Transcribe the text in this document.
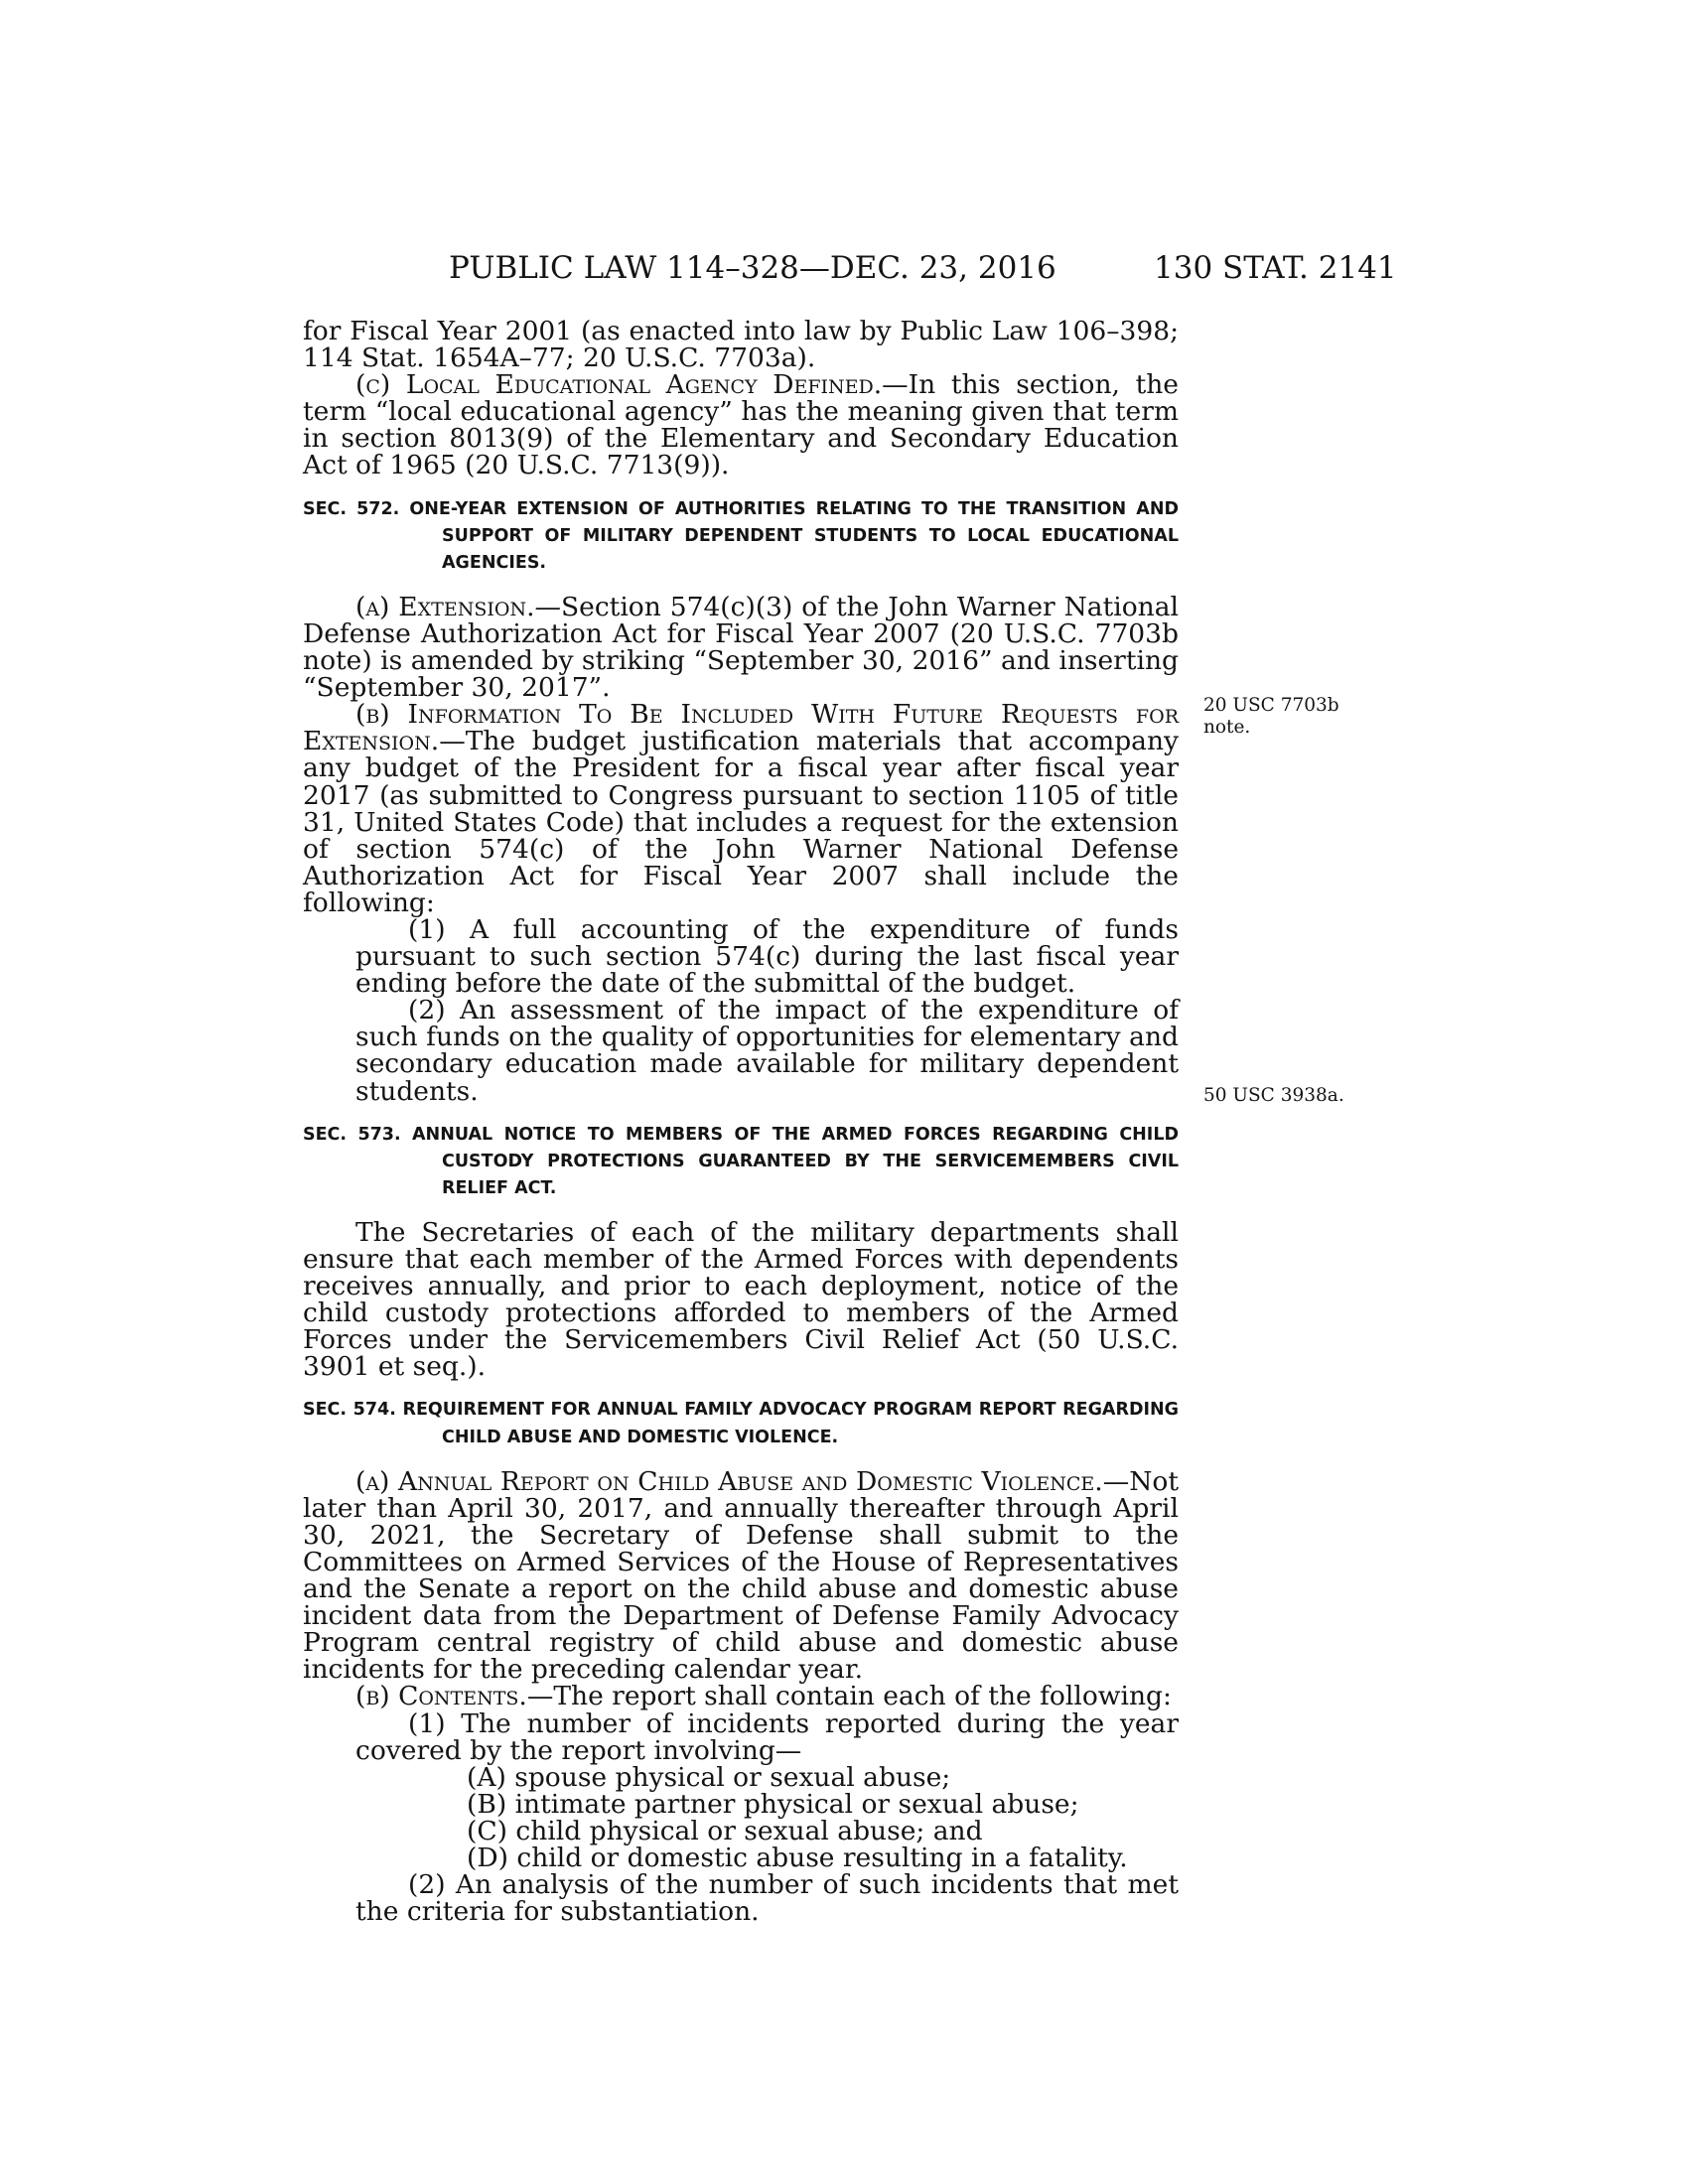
PUBLIC LAW 114–328—DEC. 23, 2016	130 STAT. 2141
20 USC 7703b
note.
50 USC 3938a.

for Fiscal Year 2001 (as enacted into law by Public Law 106–398; 114 Stat. 1654A–77; 20 U.S.C. 7703a).

(c) Local Educational Agency Defined.—In this section, the term “local educational agency” has the meaning given that term in section 8013(9) of the Elementary and Secondary Education Act of 1965 (20 U.S.C. 7713(9)).

SEC. 572. ONE-YEAR EXTENSION OF AUTHORITIES RELATING TO THE TRANSITION AND SUPPORT OF MILITARY DEPENDENT STUDENTS TO LOCAL EDUCATIONAL AGENCIES.

(a) Extension.—Section 574(c)(3) of the John Warner National Defense Authorization Act for Fiscal Year 2007 (20 U.S.C. 7703b note) is amended by striking “September 30, 2016” and inserting “September 30, 2017”.

(b) Information To Be Included With Future Requests for Extension.—The budget justification materials that accompany any budget of the President for a fiscal year after fiscal year 2017 (as submitted to Congress pursuant to section 1105 of title 31, United States Code) that includes a request for the extension of section 574(c) of the John Warner National Defense Authorization Act for Fiscal Year 2007 shall include the following:

(1) A full accounting of the expenditure of funds pursuant to such section 574(c) during the last fiscal year ending before the date of the submittal of the budget.

(2) An assessment of the impact of the expenditure of such funds on the quality of opportunities for elementary and secondary education made available for military dependent students.

SEC. 573. ANNUAL NOTICE TO MEMBERS OF THE ARMED FORCES REGARDING CHILD CUSTODY PROTECTIONS GUARANTEED BY THE SERVICEMEMBERS CIVIL RELIEF ACT.

The Secretaries of each of the military departments shall ensure that each member of the Armed Forces with dependents receives annually, and prior to each deployment, notice of the child custody protections afforded to members of the Armed Forces under the Servicemembers Civil Relief Act (50 U.S.C. 3901 et seq.).

SEC. 574. REQUIREMENT FOR ANNUAL FAMILY ADVOCACY PROGRAM REPORT REGARDING CHILD ABUSE AND DOMESTIC VIOLENCE.

(a) Annual Report on Child Abuse and Domestic Violence.—Not later than April 30, 2017, and annually thereafter through April 30, 2021, the Secretary of Defense shall submit to the Committees on Armed Services of the House of Representatives and the Senate a report on the child abuse and domestic abuse incident data from the Department of Defense Family Advocacy Program central registry of child abuse and domestic abuse incidents for the preceding calendar year.

(b) Contents.—The report shall contain each of the following:

(1) The number of incidents reported during the year covered by the report involving—

(A) spouse physical or sexual abuse;

(B) intimate partner physical or sexual abuse;

(C) child physical or sexual abuse; and

(D) child or domestic abuse resulting in a fatality.

(2) An analysis of the number of such incidents that met the criteria for substantiation.
